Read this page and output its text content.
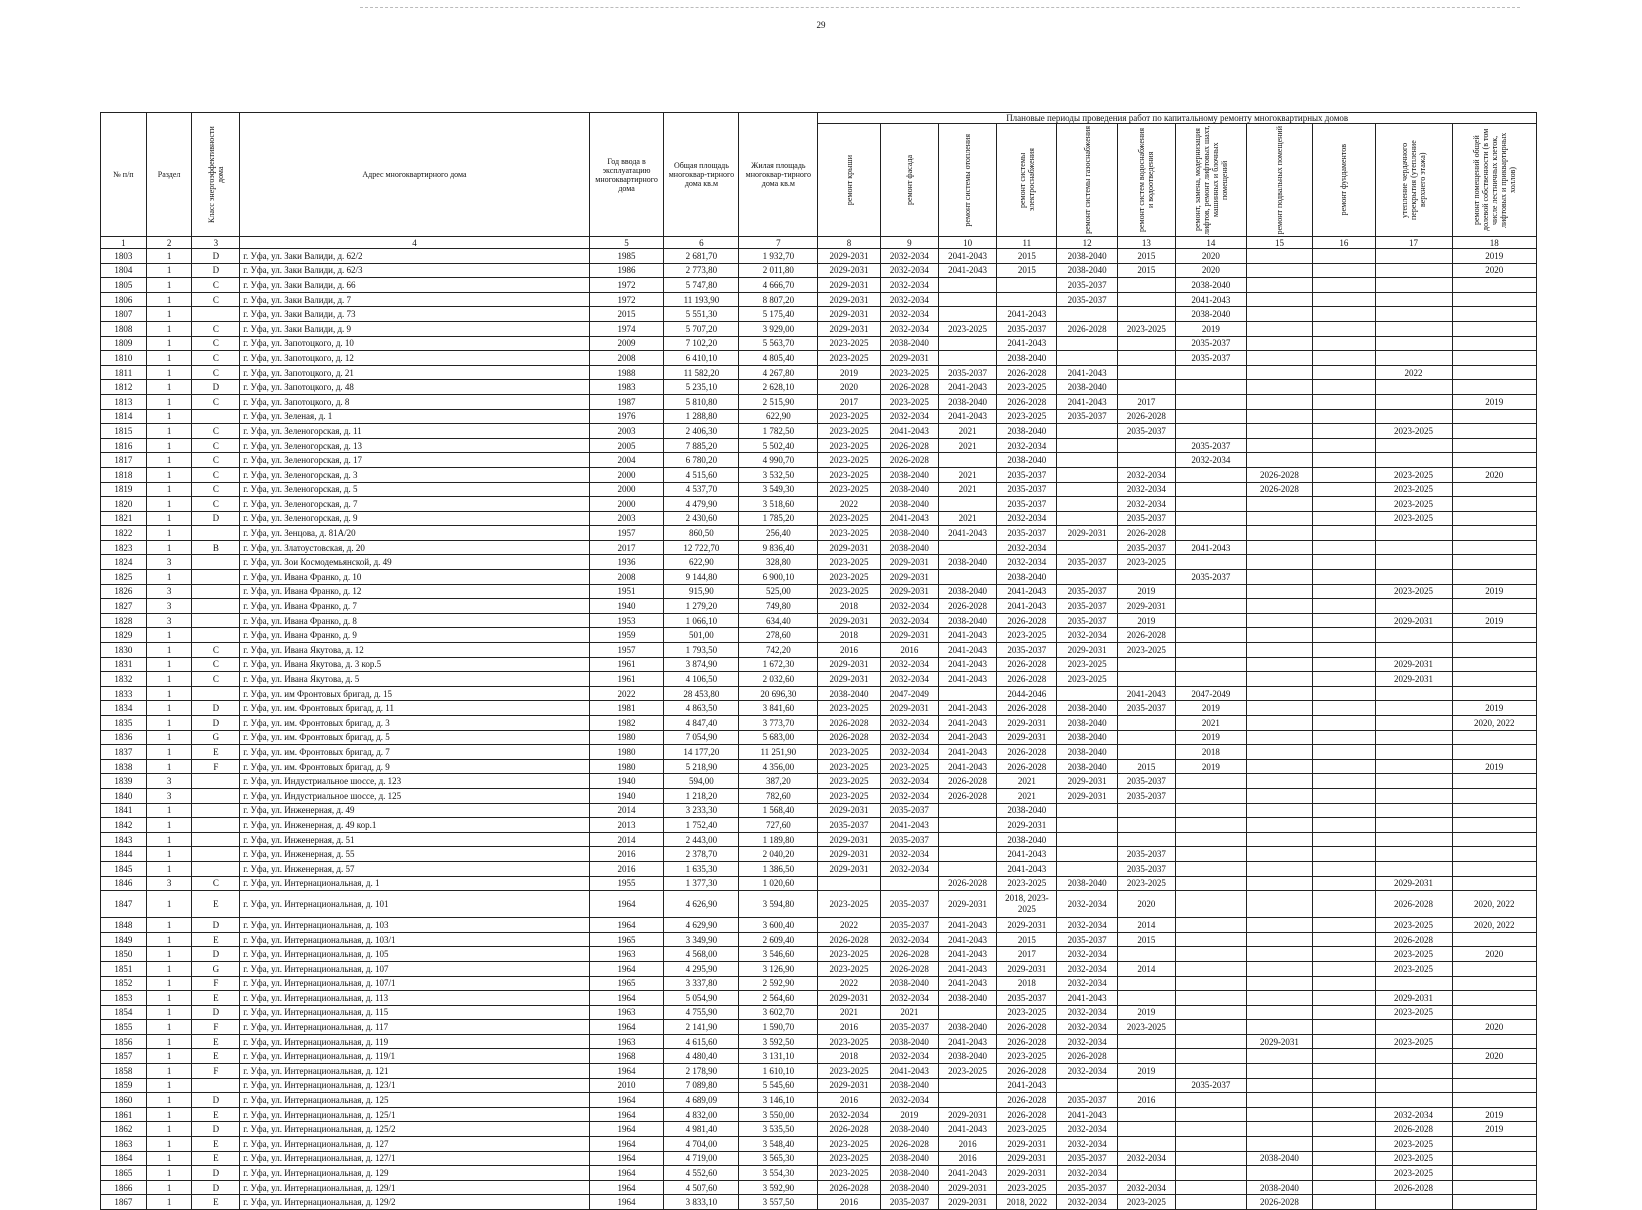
29
№ п/п	Раздел	Класс энергоэффективности дома	Адрес многоквартирного дома	Год ввода в эксплуатацию многоквартирного дома	Общая площадь многоквар-тирного дома кв.м	Жилая площадь многоквар-тирного дома кв.м	Плановые периоды проведения работ по капитальному ремонту многоквартирных домов										

							ремонт крыши	ремонт фасада	ремонт системы отопления	ремонт системы электроснабжения	ремонт системы газоснабжения	ремонт систем водоснабжения и водоотведения	ремонт, замена, модернизация лифтов, ремонт лифтовых шахт, машинных и блочных помещений	ремонт подвальных помещений	ремонт фундаментов	утепление чердачного перекрытия (утепление верхнего этажа)	ремонт помещений общей долевой собственности (в том числе лестничных клеток, лифтовых и приквартирных холлов)

1	2	3	4	5	6	7	8	9	10	11	12	13	14	15	16	17	18
1803	1	D	г. Уфа, ул. Заки Валиди, д. 62/2	1985	2 681,70	1 932,70	2029-2031	2032-2034	2041-2043	2015	2038-2040	2015	2020				2019
1804	1	D	г. Уфа, ул. Заки Валиди, д. 62/3	1986	2 773,80	2 011,80	2029-2031	2032-2034	2041-2043	2015	2038-2040	2015	2020				2020
1805	1	C	г. Уфа, ул. Заки Валиди, д. 66	1972	5 747,80	4 666,70	2029-2031	2032-2034			2035-2037		2038-2040				
1806	1	C	г. Уфа, ул. Заки Валиди, д. 7	1972	11 193,90	8 807,20	2029-2031	2032-2034			2035-2037		2041-2043				
1807	1		г. Уфа, ул. Заки Валиди, д. 73	2015	5 551,30	5 175,40	2029-2031	2032-2034		2041-2043			2038-2040				
1808	1	C	г. Уфа, ул. Заки Валиди, д. 9	1974	5 707,20	3 929,00	2029-2031	2032-2034	2023-2025	2035-2037	2026-2028	2023-2025	2019				
1809	1	C	г. Уфа, ул. Запотоцкого, д. 10	2009	7 102,20	5 563,70	2023-2025	2038-2040		2041-2043			2035-2037				
1810	1	C	г. Уфа, ул. Запотоцкого, д. 12	2008	6 410,10	4 805,40	2023-2025	2029-2031		2038-2040			2035-2037				
1811	1	C	г. Уфа, ул. Запотоцкого, д. 21	1988	11 582,20	4 267,80	2019	2023-2025	2035-2037	2026-2028	2041-2043					2022	
1812	1	D	г. Уфа, ул. Запотоцкого, д. 48	1983	5 235,10	2 628,10	2020	2026-2028	2041-2043	2023-2025	2038-2040						
1813	1	C	г. Уфа, ул. Запотоцкого, д. 8	1987	5 810,80	2 515,90	2017	2023-2025	2038-2040	2026-2028	2041-2043	2017					2019
1814	1		г. Уфа, ул. Зеленая, д. 1	1976	1 288,80	622,90	2023-2025	2032-2034	2041-2043	2023-2025	2035-2037	2026-2028					
1815	1	C	г. Уфа, ул. Зеленогорская, д. 11	2003	2 406,30	1 782,50	2023-2025	2041-2043	2021	2038-2040		2035-2037				2023-2025	
1816	1	C	г. Уфа, ул. Зеленогорская, д. 13	2005	7 885,20	5 502,40	2023-2025	2026-2028	2021	2032-2034			2035-2037				
1817	1	C	г. Уфа, ул. Зеленогорская, д. 17	2004	6 780,20	4 990,70	2023-2025	2026-2028		2038-2040			2032-2034				
1818	1	C	г. Уфа, ул. Зеленогорская, д. 3	2000	4 515,60	3 532,50	2023-2025	2038-2040	2021	2035-2037		2032-2034		2026-2028		2023-2025	2020
1819	1	C	г. Уфа, ул. Зеленогорская, д. 5	2000	4 537,70	3 549,30	2023-2025	2038-2040	2021	2035-2037		2032-2034		2026-2028		2023-2025	
1820	1	C	г. Уфа, ул. Зеленогорская, д. 7	2000	4 479,90	3 518,60	2022	2038-2040		2035-2037		2032-2034				2023-2025	
1821	1	D	г. Уфа, ул. Зеленогорская, д. 9	2003	2 430,60	1 785,20	2023-2025	2041-2043	2021	2032-2034		2035-2037				2023-2025	
1822	1		г. Уфа, ул. Зенцова, д. 81А/20	1957	860,50	256,40	2023-2025	2038-2040	2041-2043	2035-2037	2029-2031	2026-2028					
1823	1	B	г. Уфа, ул. Златоустовская, д. 20	2017	12 722,70	9 836,40	2029-2031	2038-2040		2032-2034		2035-2037	2041-2043				
1824	3		г. Уфа, ул. Зои Космодемьянской, д. 49	1936	622,90	328,80	2023-2025	2029-2031	2038-2040	2032-2034	2035-2037	2023-2025					
1825	1		г. Уфа, ул. Ивана Франко, д. 10	2008	9 144,80	6 900,10	2023-2025	2029-2031		2038-2040			2035-2037				
1826	3		г. Уфа, ул. Ивана Франко, д. 12	1951	915,90	525,00	2023-2025	2029-2031	2038-2040	2041-2043	2035-2037	2019				2023-2025	2019
1827	3		г. Уфа, ул. Ивана Франко, д. 7	1940	1 279,20	749,80	2018	2032-2034	2026-2028	2041-2043	2035-2037	2029-2031					
1828	3		г. Уфа, ул. Ивана Франко, д. 8	1953	1 066,10	634,40	2029-2031	2032-2034	2038-2040	2026-2028	2035-2037	2019				2029-2031	2019
1829	1		г. Уфа, ул. Ивана Франко, д. 9	1959	501,00	278,60	2018	2029-2031	2041-2043	2023-2025	2032-2034	2026-2028					
1830	1	C	г. Уфа, ул. Ивана Якутова, д. 12	1957	1 793,50	742,20	2016	2016	2041-2043	2035-2037	2029-2031	2023-2025					
1831	1	C	г. Уфа, ул. Ивана Якутова, д. 3 кор.5	1961	3 874,90	1 672,30	2029-2031	2032-2034	2041-2043	2026-2028	2023-2025					2029-2031	
1832	1	C	г. Уфа, ул. Ивана Якутова, д. 5	1961	4 106,50	2 032,60	2029-2031	2032-2034	2041-2043	2026-2028	2023-2025					2029-2031	
1833	1		г. Уфа, ул. им Фронтовых бригад, д. 15	2022	28 453,80	20 696,30	2038-2040	2047-2049		2044-2046		2041-2043	2047-2049				
1834	1	D	г. Уфа, ул. им. Фронтовых бригад, д. 11	1981	4 863,50	3 841,60	2023-2025	2029-2031	2041-2043	2026-2028	2038-2040	2035-2037	2019				2019
1835	1	D	г. Уфа, ул. им. Фронтовых бригад, д. 3	1982	4 847,40	3 773,70	2026-2028	2032-2034	2041-2043	2029-2031	2038-2040		2021				2020, 2022
1836	1	G	г. Уфа, ул. им. Фронтовых бригад, д. 5	1980	7 054,90	5 683,00	2026-2028	2032-2034	2041-2043	2029-2031	2038-2040		2019				
1837	1	E	г. Уфа, ул. им. Фронтовых бригад, д. 7	1980	14 177,20	11 251,90	2023-2025	2032-2034	2041-2043	2026-2028	2038-2040		2018				
1838	1	F	г. Уфа, ул. им. Фронтовых бригад, д. 9	1980	5 218,90	4 356,00	2023-2025	2023-2025	2041-2043	2026-2028	2038-2040	2015	2019				2019
1839	3		г. Уфа, ул. Индустриальное шоссе, д. 123	1940	594,00	387,20	2023-2025	2032-2034	2026-2028	2021	2029-2031	2035-2037					
1840	3		г. Уфа, ул. Индустриальное шоссе, д. 125	1940	1 218,20	782,60	2023-2025	2032-2034	2026-2028	2021	2029-2031	2035-2037					
1841	1		г. Уфа, ул. Инженерная, д. 49	2014	3 233,30	1 568,40	2029-2031	2035-2037		2038-2040							
1842	1		г. Уфа, ул. Инженерная, д. 49 кор.1	2013	1 752,40	727,60	2035-2037	2041-2043		2029-2031							
1843	1		г. Уфа, ул. Инженерная, д. 51	2014	2 443,00	1 189,80	2029-2031	2035-2037		2038-2040							
1844	1		г. Уфа, ул. Инженерная, д. 55	2016	2 378,70	2 040,20	2029-2031	2032-2034		2041-2043		2035-2037					
1845	1		г. Уфа, ул. Инженерная, д. 57	2016	1 635,30	1 386,50	2029-2031	2032-2034		2041-2043		2035-2037					
1846	3	C	г. Уфа, ул. Интернациональная, д. 1	1955	1 377,30	1 020,60			2026-2028	2023-2025	2038-2040	2023-2025				2029-2031	
1847	1	E	г. Уфа, ул. Интернациональная, д. 101	1964	4 626,90	3 594,80	2023-2025	2035-2037	2029-2031	2018, 2023-2025	2032-2034	2020				2026-2028	2020, 2022
1848	1	D	г. Уфа, ул. Интернациональная, д. 103	1964	4 629,90	3 600,40	2022	2035-2037	2041-2043	2029-2031	2032-2034	2014				2023-2025	2020, 2022
1849	1	E	г. Уфа, ул. Интернациональная, д. 103/1	1965	3 349,90	2 609,40	2026-2028	2032-2034	2041-2043	2015	2035-2037	2015				2026-2028	
1850	1	D	г. Уфа, ул. Интернациональная, д. 105	1963	4 568,00	3 546,60	2023-2025	2026-2028	2041-2043	2017	2032-2034					2023-2025	2020
1851	1	G	г. Уфа, ул. Интернациональная, д. 107	1964	4 295,90	3 126,90	2023-2025	2026-2028	2041-2043	2029-2031	2032-2034	2014				2023-2025	
1852	1	F	г. Уфа, ул. Интернациональная, д. 107/1	1965	3 337,80	2 592,90	2022	2038-2040	2041-2043	2018	2032-2034						
1853	1	E	г. Уфа, ул. Интернациональная, д. 113	1964	5 054,90	2 564,60	2029-2031	2032-2034	2038-2040	2035-2037	2041-2043					2029-2031	
1854	1	D	г. Уфа, ул. Интернациональная, д. 115	1963	4 755,90	3 602,70	2021	2021		2023-2025	2032-2034	2019				2023-2025	
1855	1	F	г. Уфа, ул. Интернациональная, д. 117	1964	2 141,90	1 590,70	2016	2035-2037	2038-2040	2026-2028	2032-2034	2023-2025					2020
1856	1	E	г. Уфа, ул. Интернациональная, д. 119	1963	4 615,60	3 592,50	2023-2025	2038-2040	2041-2043	2026-2028	2032-2034			2029-2031		2023-2025	
1857	1	E	г. Уфа, ул. Интернациональная, д. 119/1	1968	4 480,40	3 131,10	2018	2032-2034	2038-2040	2023-2025	2026-2028						2020
1858	1	F	г. Уфа, ул. Интернациональная, д. 121	1964	2 178,90	1 610,10	2023-2025	2041-2043	2023-2025	2026-2028	2032-2034	2019					
1859	1		г. Уфа, ул. Интернациональная, д. 123/1	2010	7 089,80	5 545,60	2029-2031	2038-2040		2041-2043			2035-2037				
1860	1	D	г. Уфа, ул. Интернациональная, д. 125	1964	4 689,09	3 146,10	2016	2032-2034		2026-2028	2035-2037	2016					
1861	1	E	г. Уфа, ул. Интернациональная, д. 125/1	1964	4 832,00	3 550,00	2032-2034	2019	2029-2031	2026-2028	2041-2043					2032-2034	2019
1862	1	D	г. Уфа, ул. Интернациональная, д. 125/2	1964	4 981,40	3 535,50	2026-2028	2038-2040	2041-2043	2023-2025	2032-2034					2026-2028	2019
1863	1	E	г. Уфа, ул. Интернациональная, д. 127	1964	4 704,00	3 548,40	2023-2025	2026-2028	2016	2029-2031	2032-2034					2023-2025	
1864	1	E	г. Уфа, ул. Интернациональная, д. 127/1	1964	4 719,00	3 565,30	2023-2025	2038-2040	2016	2029-2031	2035-2037	2032-2034		2038-2040		2023-2025	
1865	1	D	г. Уфа, ул. Интернациональная, д. 129	1964	4 552,60	3 554,30	2023-2025	2038-2040	2041-2043	2029-2031	2032-2034					2023-2025	
1866	1	D	г. Уфа, ул. Интернациональная, д. 129/1	1964	4 507,60	3 592,90	2026-2028	2038-2040	2029-2031	2023-2025	2035-2037	2032-2034		2038-2040		2026-2028	
1867	1	E	г. Уфа, ул. Интернациональная, д. 129/2	1964	3 833,10	3 557,50	2016	2035-2037	2029-2031	2018, 2022	2032-2034	2023-2025		2026-2028			
